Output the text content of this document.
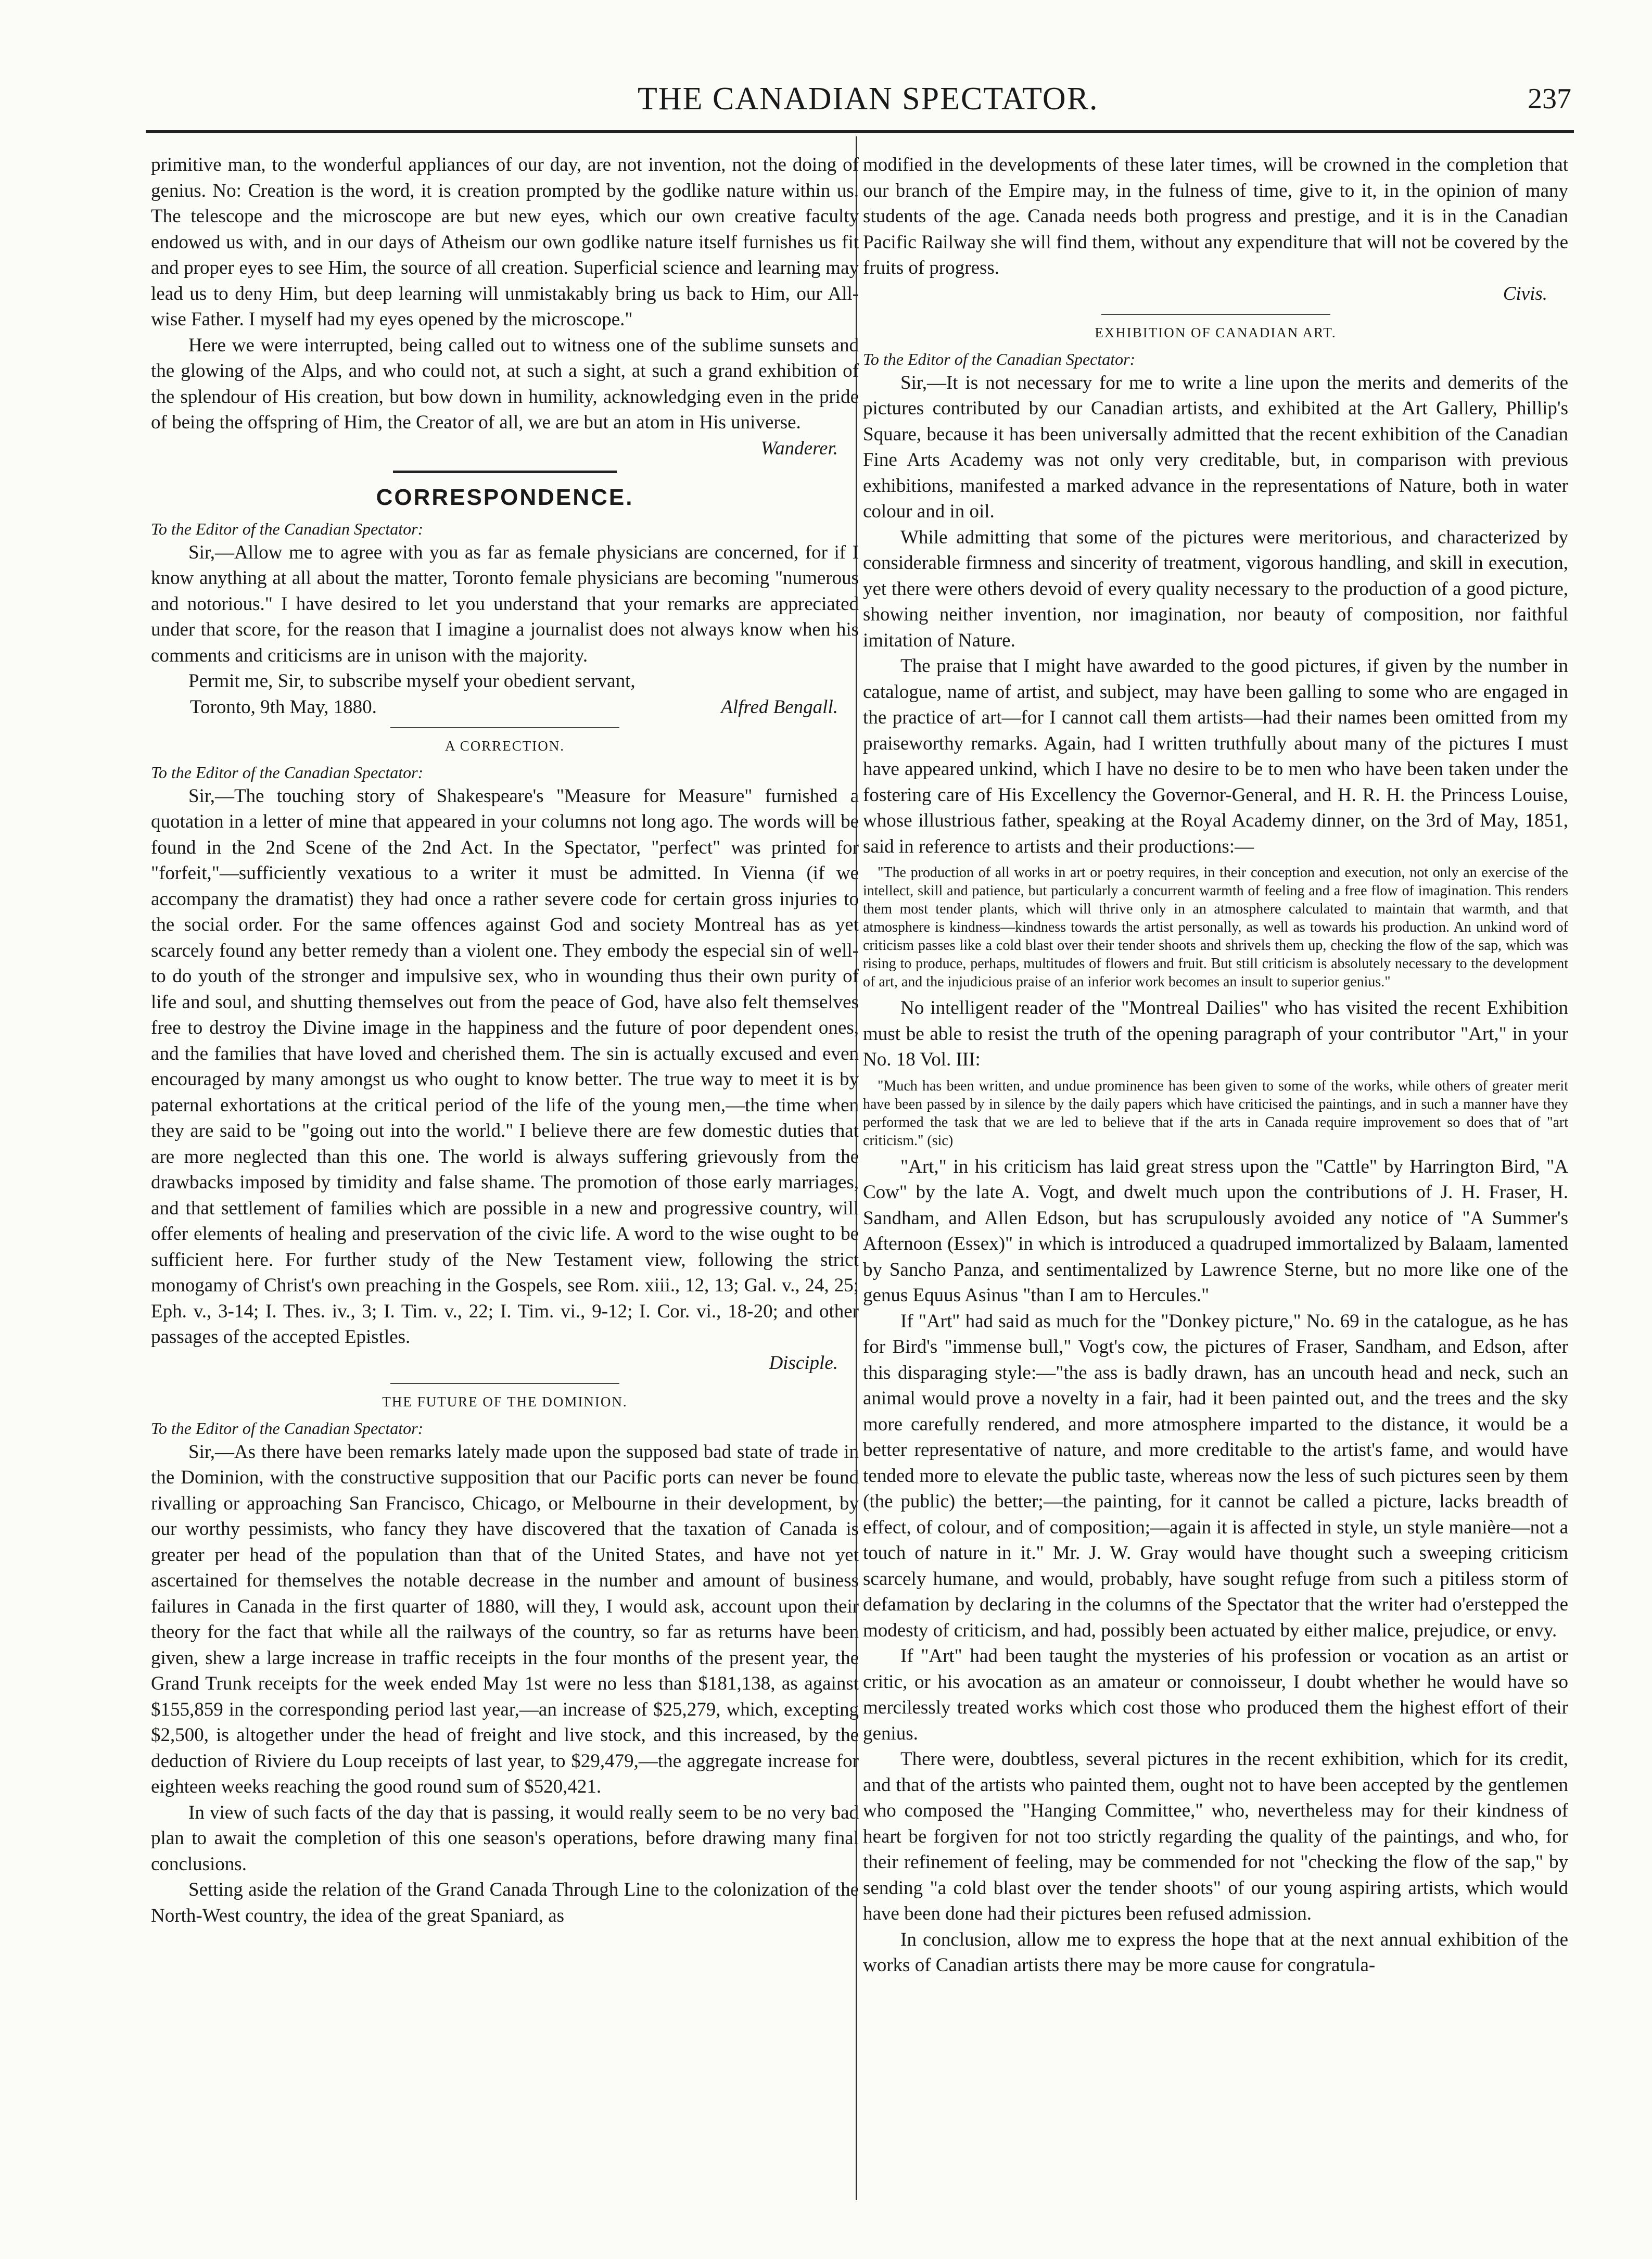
THE CANADIAN SPECTATOR.	237

primitive man, to the wonderful appliances of our day, are not invention, not the doing of genius. No: Creation is the word, it is creation prompted by the godlike nature within us. The telescope and the microscope are but new eyes, which our own creative faculty endowed us with, and in our days of Atheism our own godlike nature itself furnishes us fit and proper eyes to see Him, the source of all creation. Superficial science and learning may lead us to deny Him, but deep learning will unmistakably bring us back to Him, our All-wise Father. I myself had my eyes opened by the microscope."

Here we were interrupted, being called out to witness one of the sublime sunsets and the glowing of the Alps, and who could not, at such a sight, at such a grand exhibition of the splendour of His creation, but bow down in humility, acknowledging even in the pride of being the offspring of Him, the Creator of all, we are but an atom in His universe.

Wanderer.

CORRESPONDENCE.

To the Editor of the Canadian Spectator:

Sir,—Allow me to agree with you as far as female physicians are concerned, for if I know anything at all about the matter, Toronto female physicians are becoming "numerous and notorious." I have desired to let you understand that your remarks are appreciated under that score, for the reason that I imagine a journalist does not always know when his comments and criticisms are in unison with the majority.

Permit me, Sir, to subscribe myself your obedient servant,

Toronto, 9th May, 1880.	Alfred Bengall.
A CORRECTION.

To the Editor of the Canadian Spectator:

Sir,—The touching story of Shakespeare's "Measure for Measure" furnished a quotation in a letter of mine that appeared in your columns not long ago. The words will be found in the 2nd Scene of the 2nd Act. In the Spectator, "perfect" was printed for "forfeit,"—sufficiently vexatious to a writer it must be admitted. In Vienna (if we accompany the dramatist) they had once a rather severe code for certain gross injuries to the social order. For the same offences against God and society Montreal has as yet scarcely found any better remedy than a violent one. They embody the especial sin of well-to do youth of the stronger and impulsive sex, who in wounding thus their own purity of life and soul, and shutting themselves out from the peace of God, have also felt themselves free to destroy the Divine image in the happiness and the future of poor dependent ones, and the families that have loved and cherished them. The sin is actually excused and even encouraged by many amongst us who ought to know better. The true way to meet it is by paternal exhortations at the critical period of the life of the young men,—the time when they are said to be "going out into the world." I believe there are few domestic duties that are more neglected than this one. The world is always suffering grievously from the drawbacks imposed by timidity and false shame. The promotion of those early marriages, and that settlement of families which are possible in a new and progressive country, will offer elements of healing and preservation of the civic life. A word to the wise ought to be sufficient here. For further study of the New Testament view, following the strict monogamy of Christ's own preaching in the Gospels, see Rom. xiii., 12, 13; Gal. v., 24, 25; Eph. v., 3-14; I. Thes. iv., 3; I. Tim. v., 22; I. Tim. vi., 9-12; I. Cor. vi., 18-20; and other passages of the accepted Epistles.

Disciple.

THE FUTURE OF THE DOMINION.

To the Editor of the Canadian Spectator:

Sir,—As there have been remarks lately made upon the supposed bad state of trade in the Dominion, with the constructive supposition that our Pacific ports can never be found rivalling or approaching San Francisco, Chicago, or Melbourne in their development, by our worthy pessimists, who fancy they have discovered that the taxation of Canada is greater per head of the population than that of the United States, and have not yet ascertained for themselves the notable decrease in the number and amount of business failures in Canada in the first quarter of 1880, will they, I would ask, account upon their theory for the fact that while all the railways of the country, so far as returns have been given, shew a large increase in traffic receipts in the four months of the present year, the Grand Trunk receipts for the week ended May 1st were no less than $181,138, as against $155,859 in the corresponding period last year,—an increase of $25,279, which, excepting $2,500, is altogether under the head of freight and live stock, and this increased, by the deduction of Riviere du Loup receipts of last year, to $29,479,—the aggregate increase for eighteen weeks reaching the good round sum of $520,421.

In view of such facts of the day that is passing, it would really seem to be no very bad plan to await the completion of this one season's operations, before drawing many final conclusions.

Setting aside the relation of the Grand Canada Through Line to the colonization of the North-West country, the idea of the great Spaniard, as

modified in the developments of these later times, will be crowned in the completion that our branch of the Empire may, in the fulness of time, give to it, in the opinion of many students of the age. Canada needs both progress and prestige, and it is in the Canadian Pacific Railway she will find them, without any expenditure that will not be covered by the fruits of progress.

Civis.

EXHIBITION OF CANADIAN ART.

To the Editor of the Canadian Spectator:

Sir,—It is not necessary for me to write a line upon the merits and demerits of the pictures contributed by our Canadian artists, and exhibited at the Art Gallery, Phillip's Square, because it has been universally admitted that the recent exhibition of the Canadian Fine Arts Academy was not only very creditable, but, in comparison with previous exhibitions, manifested a marked advance in the representations of Nature, both in water colour and in oil.

While admitting that some of the pictures were meritorious, and characterized by considerable firmness and sincerity of treatment, vigorous handling, and skill in execution, yet there were others devoid of every quality necessary to the production of a good picture, showing neither invention, nor imagination, nor beauty of composition, nor faithful imitation of Nature.

The praise that I might have awarded to the good pictures, if given by the number in catalogue, name of artist, and subject, may have been galling to some who are engaged in the practice of art—for I cannot call them artists—had their names been omitted from my praiseworthy remarks. Again, had I written truthfully about many of the pictures I must have appeared unkind, which I have no desire to be to men who have been taken under the fostering care of His Excellency the Governor-General, and H. R. H. the Princess Louise, whose illustrious father, speaking at the Royal Academy dinner, on the 3rd of May, 1851, said in reference to artists and their productions:—

"The production of all works in art or poetry requires, in their conception and execution, not only an exercise of the intellect, skill and patience, but particularly a concurrent warmth of feeling and a free flow of imagination. This renders them most tender plants, which will thrive only in an atmosphere calculated to maintain that warmth, and that atmosphere is kindness—kindness towards the artist personally, as well as towards his production. An unkind word of criticism passes like a cold blast over their tender shoots and shrivels them up, checking the flow of the sap, which was rising to produce, perhaps, multitudes of flowers and fruit. But still criticism is absolutely necessary to the development of art, and the injudicious praise of an inferior work becomes an insult to superior genius."

No intelligent reader of the "Montreal Dailies" who has visited the recent Exhibition must be able to resist the truth of the opening paragraph of your contributor "Art," in your No. 18 Vol. III:

"Much has been written, and undue prominence has been given to some of the works, while others of greater merit have been passed by in silence by the daily papers which have criticised the paintings, and in such a manner have they performed the task that we are led to believe that if the arts in Canada require improvement so does that of "art criticism." (sic)

"Art," in his criticism has laid great stress upon the "Cattle" by Harrington Bird, "A Cow" by the late A. Vogt, and dwelt much upon the contributions of J. H. Fraser, H. Sandham, and Allen Edson, but has scrupulously avoided any notice of "A Summer's Afternoon (Essex)" in which is introduced a quadruped immortalized by Balaam, lamented by Sancho Panza, and sentimentalized by Lawrence Sterne, but no more like one of the genus Equus Asinus "than I am to Hercules."

If "Art" had said as much for the "Donkey picture," No. 69 in the catalogue, as he has for Bird's "immense bull," Vogt's cow, the pictures of Fraser, Sandham, and Edson, after this disparaging style:—"the ass is badly drawn, has an uncouth head and neck, such an animal would prove a novelty in a fair, had it been painted out, and the trees and the sky more carefully rendered, and more atmosphere imparted to the distance, it would be a better representative of nature, and more creditable to the artist's fame, and would have tended more to elevate the public taste, whereas now the less of such pictures seen by them (the public) the better;—the painting, for it cannot be called a picture, lacks breadth of effect, of colour, and of composition;—again it is affected in style, un style manière—not a touch of nature in it." Mr. J. W. Gray would have thought such a sweeping criticism scarcely humane, and would, probably, have sought refuge from such a pitiless storm of defamation by declaring in the columns of the Spectator that the writer had o'erstepped the modesty of criticism, and had, possibly been actuated by either malice, prejudice, or envy.

If "Art" had been taught the mysteries of his profession or vocation as an artist or critic, or his avocation as an amateur or connoisseur, I doubt whether he would have so mercilessly treated works which cost those who produced them the highest effort of their genius.

There were, doubtless, several pictures in the recent exhibition, which for its credit, and that of the artists who painted them, ought not to have been accepted by the gentlemen who composed the "Hanging Committee," who, nevertheless may for their kindness of heart be forgiven for not too strictly regarding the quality of the paintings, and who, for their refinement of feeling, may be commended for not "checking the flow of the sap," by sending "a cold blast over the tender shoots" of our young aspiring artists, which would have been done had their pictures been refused admission.

In conclusion, allow me to express the hope that at the next annual exhibition of the works of Canadian artists there may be more cause for congratula-
